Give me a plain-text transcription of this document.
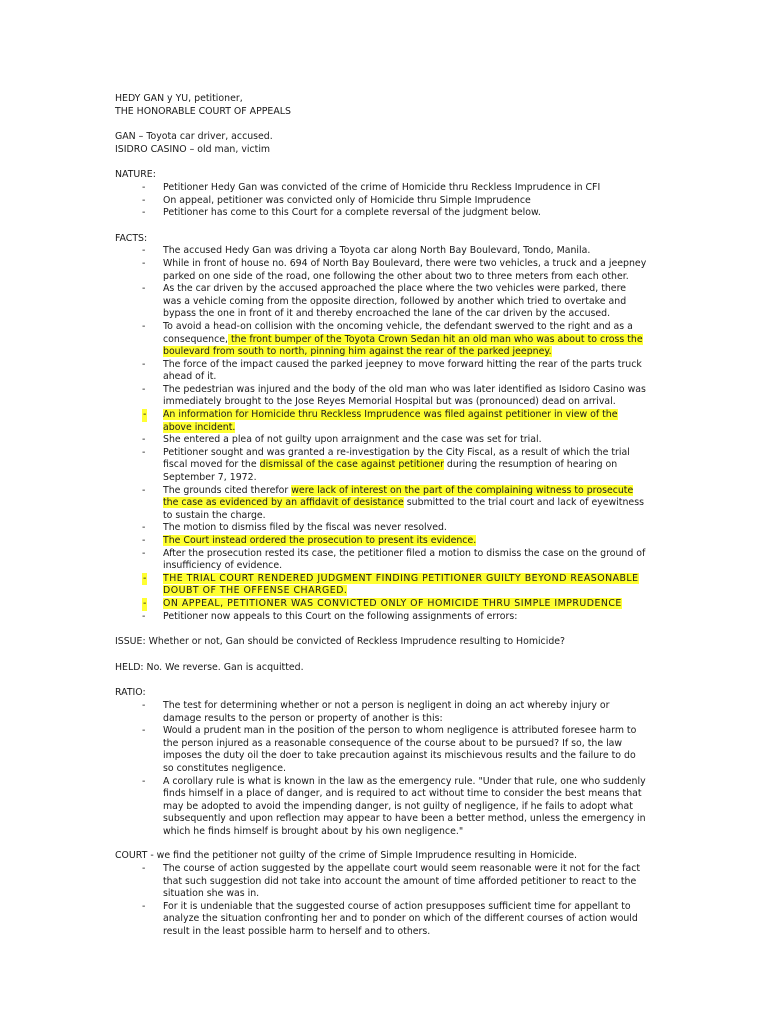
HEDY GAN y YU, petitioner,

THE HONORABLE COURT OF APPEALS

GAN – Toyota car driver, accused.

ISIDRO CASINO – old man, victim

NATURE:

- Petitioner Hedy Gan was convicted of the crime of Homicide thru Reckless Imprudence in CFI
- On appeal, petitioner was convicted only of Homicide thru Simple Imprudence
- Petitioner has come to this Court for a complete reversal of the judgment below.

FACTS:

- The accused Hedy Gan was driving a Toyota car along North Bay Boulevard, Tondo, Manila.
- While in front of house no. 694 of North Bay Boulevard, there were two vehicles, a truck and a jeepney parked on one side of the road, one following the other about two to three meters from each other.
- As the car driven by the accused approached the place where the two vehicles were parked, there was a vehicle coming from the opposite direction, followed by another which tried to overtake and bypass the one in front of it and thereby encroached the lane of the car driven by the accused.
- To avoid a head-on collision with the oncoming vehicle, the defendant swerved to the right and as a consequence, the front bumper of the Toyota Crown Sedan hit an old man who was about to cross the boulevard from south to north, pinning him against the rear of the parked jeepney.
- The force of the impact caused the parked jeepney to move forward hitting the rear of the parts truck ahead of it.
- The pedestrian was injured and the body of the old man who was later identified as Isidoro Casino was immediately brought to the Jose Reyes Memorial Hospital but was (pronounced) dead on arrival.
- An information for Homicide thru Reckless Imprudence was filed against petitioner in view of the above incident.
- She entered a plea of not guilty upon arraignment and the case was set for trial.
- Petitioner sought and was granted a re-investigation by the City Fiscal, as a result of which the trial fiscal moved for the dismissal of the case against petitioner during the resumption of hearing on September 7, 1972.
- The grounds cited therefor were lack of interest on the part of the complaining witness to prosecute the case as evidenced by an affidavit of desistance submitted to the trial court and lack of eyewitness to sustain the charge.
- The motion to dismiss filed by the fiscal was never resolved.
- The Court instead ordered the prosecution to present its evidence.
- After the prosecution rested its case, the petitioner filed a motion to dismiss the case on the ground of insufficiency of evidence.
- THE TRIAL COURT RENDERED JUDGMENT FINDING PETITIONER GUILTY BEYOND REASONABLE DOUBT OF THE OFFENSE CHARGED.
- ON APPEAL, PETITIONER WAS CONVICTED ONLY OF HOMICIDE THRU SIMPLE IMPRUDENCE
- Petitioner now appeals to this Court on the following assignments of errors:

ISSUE: Whether or not, Gan should be convicted of Reckless Imprudence resulting to Homicide?

HELD: No. We reverse. Gan is acquitted.

RATIO:

- The test for determining whether or not a person is negligent in doing an act whereby injury or damage results to the person or property of another is this:
- Would a prudent man in the position of the person to whom negligence is attributed foresee harm to the person injured as a reasonable consequence of the course about to be pursued? If so, the law imposes the duty oil the doer to take precaution against its mischievous results and the failure to do so constitutes negligence.
- A corollary rule is what is known in the law as the emergency rule. "Under that rule, one who suddenly finds himself in a place of danger, and is required to act without time to consider the best means that may be adopted to avoid the impending danger, is not guilty of negligence, if he fails to adopt what subsequently and upon reflection may appear to have been a better method, unless the emergency in which he finds himself is brought about by his own negligence."

COURT - we find the petitioner not guilty of the crime of Simple Imprudence resulting in Homicide.

- The course of action suggested by the appellate court would seem reasonable were it not for the fact that such suggestion did not take into account the amount of time afforded petitioner to react to the situation she was in.
- For it is undeniable that the suggested course of action presupposes sufficient time for appellant to analyze the situation confronting her and to ponder on which of the different courses of action would result in the least possible harm to herself and to others.
